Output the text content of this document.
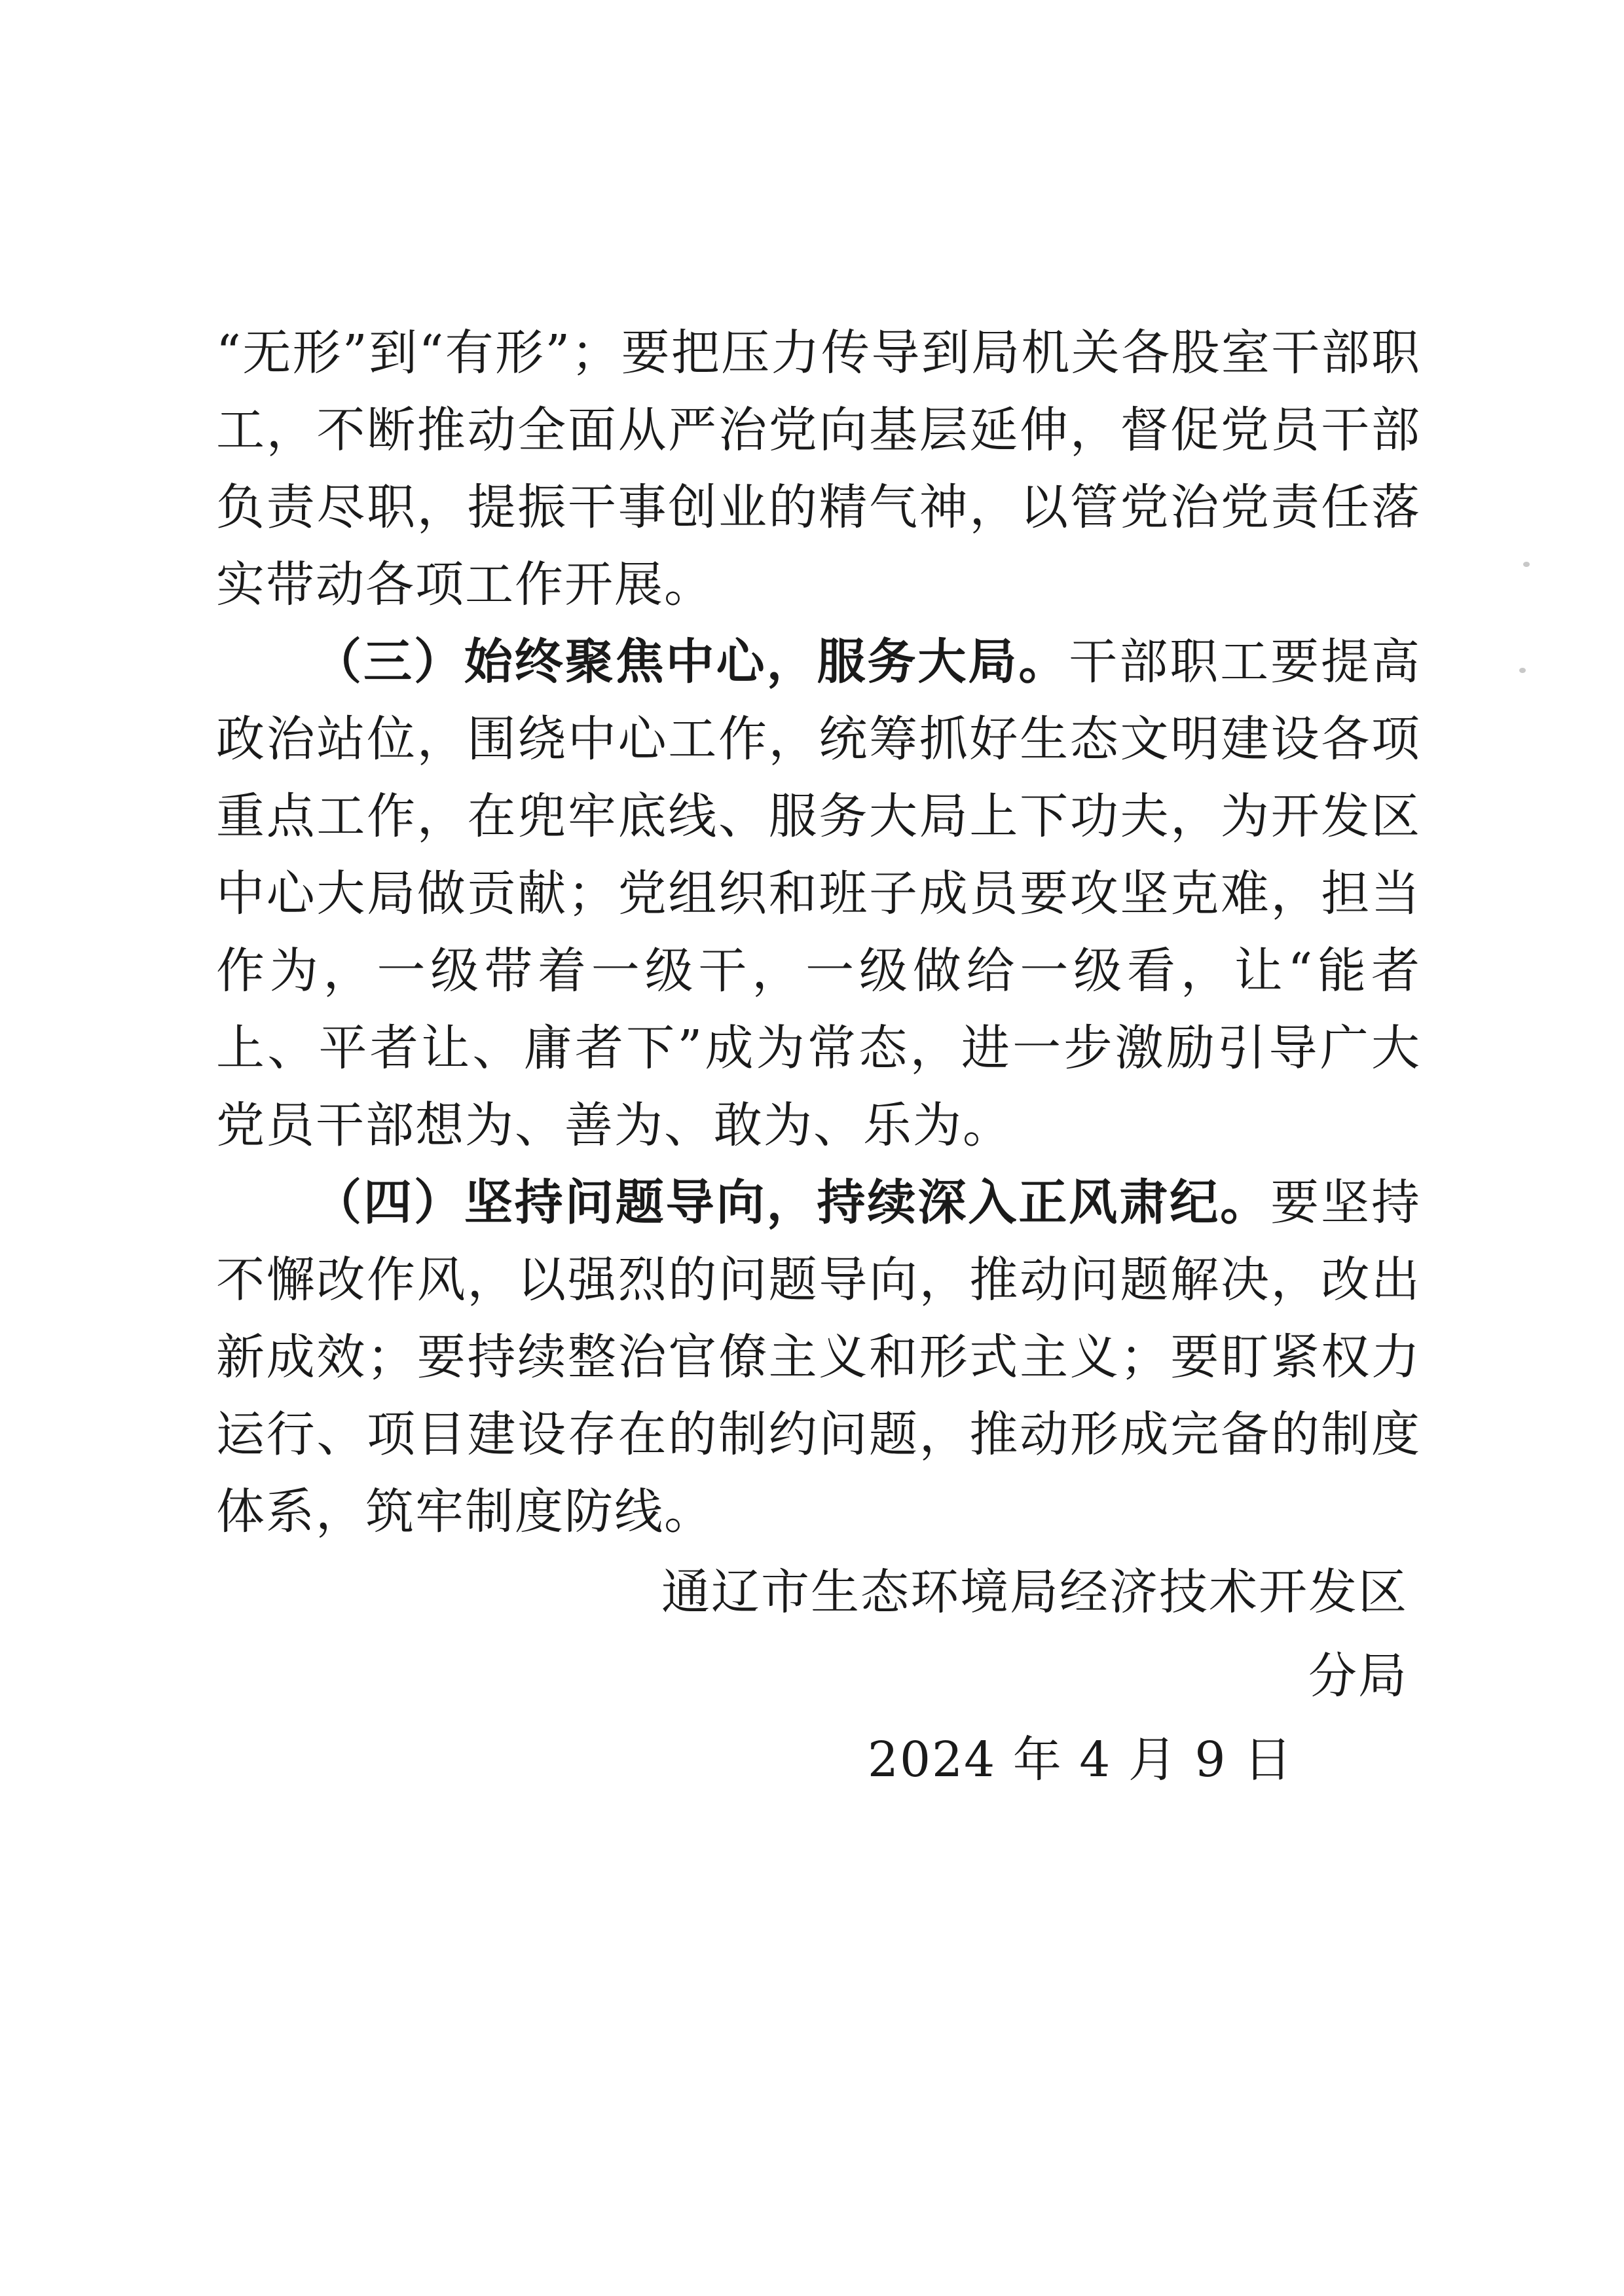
“无形”到“有形”；要把压力传导到局机关各股室干部职工，不断推动全面从严治党向基层延伸，督促党员干部负责尽职，提振干事创业的精气神，以管党治党责任落实带动各项工作开展。

（三）始终聚焦中心，服务大局。干部职工要提高政治站位，围绕中心工作，统筹抓好生态文明建设各项重点工作，在兜牢底线、服务大局上下功夫，为开发区中心大局做贡献；党组织和班子成员要攻坚克难，担当作为，一级带着一级干，一级做给一级看，让“能者上、平者让、庸者下”成为常态，进一步激励引导广大党员干部想为、善为、敢为、乐为。

（四）坚持问题导向，持续深入正风肃纪。要坚持不懈改作风，以强烈的问题导向，推动问题解决，改出新成效；要持续整治官僚主义和形式主义；要盯紧权力运行、项目建设存在的制约问题，推动形成完备的制度体系，筑牢制度防线。

通辽市生态环境局经济技术开发区分局
2024 年 4 月 9 日
